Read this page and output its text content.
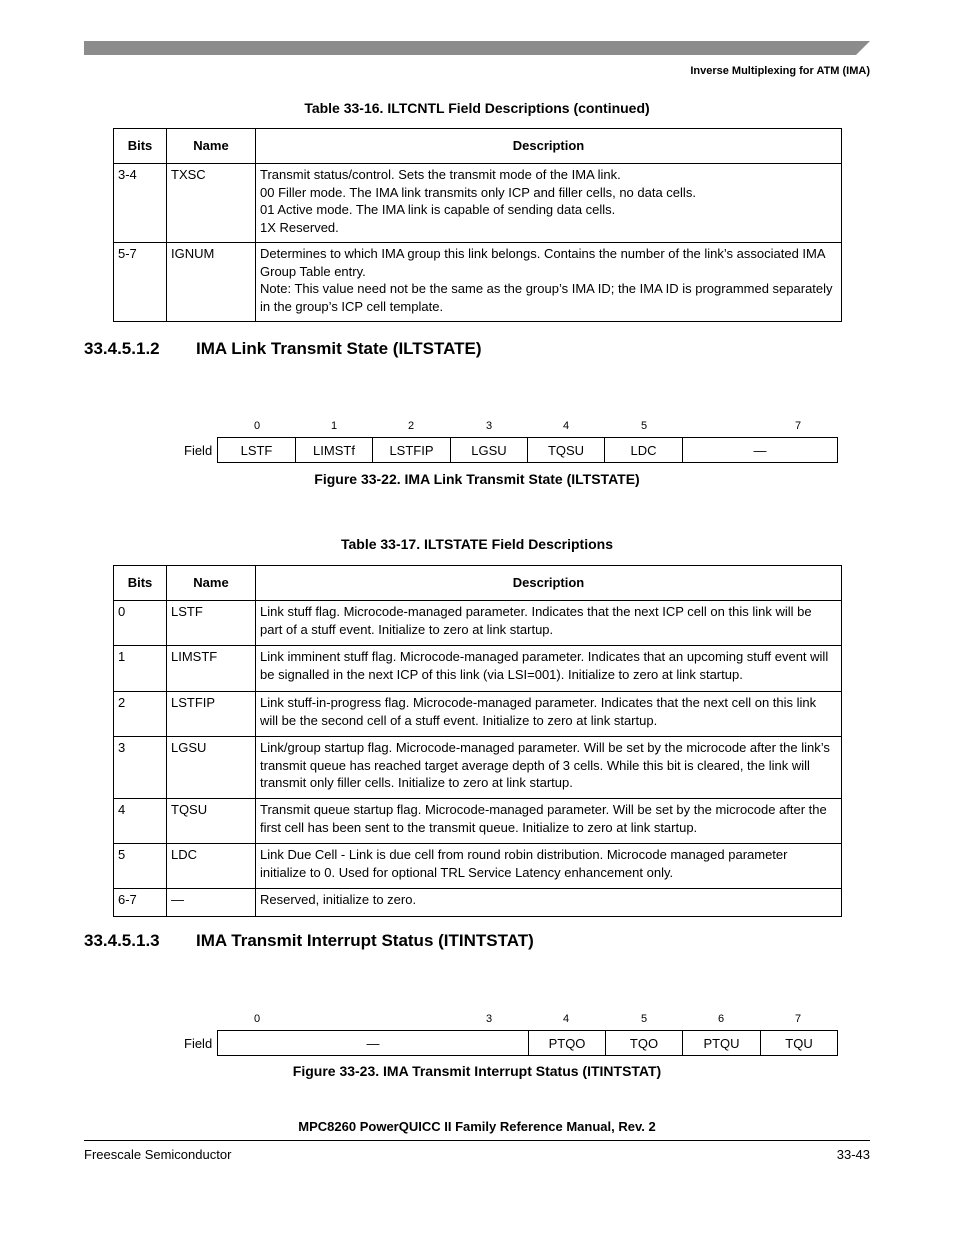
Inverse Multiplexing for ATM (IMA)
Table 33-16. ILTCNTL Field Descriptions (continued)
Bits	Name	Description
3-4	TXSC	Transmit status/control. Sets the transmit mode of the IMA link.
00 Filler mode. The IMA link transmits only ICP and filler cells, no data cells.
01 Active mode. The IMA link is capable of sending data cells.
1X Reserved.

5-7	IGNUM	Determines to which IMA group this link belongs. Contains the number of the link’s associated IMA Group Table entry.
Note: This value need not be the same as the group’s IMA ID; the IMA ID is programmed separately in the group’s ICP cell template.
33.4.5.1.2 IMA Link Transmit State (ILTSTATE)
0	1	2	3	4	5	7
Field	LSTF	LIMSTf	LSTFIP	LGSU	TQSU	LDC	—
Figure 33-22. IMA Link Transmit State (ILTSTATE)
Table 33-17. ILTSTATE Field Descriptions
Bits	Name	Description
0	LSTF	Link stuff flag. Microcode-managed parameter. Indicates that the next ICP cell on this link will be part of a stuff event. Initialize to zero at link startup.
1	LIMSTF	Link imminent stuff flag. Microcode-managed parameter. Indicates that an upcoming stuff event will be signalled in the next ICP of this link (via LSI=001). Initialize to zero at link startup.
2	LSTFIP	Link stuff-in-progress flag. Microcode-managed parameter. Indicates that the next cell on this link will be the second cell of a stuff event. Initialize to zero at link startup.
3	LGSU	Link/group startup flag. Microcode-managed parameter. Will be set by the microcode after the link’s transmit queue has reached target average depth of 3 cells. While this bit is cleared, the link will transmit only filler cells. Initialize to zero at link startup.
4	TQSU	Transmit queue startup flag. Microcode-managed parameter. Will be set by the microcode after the first cell has been sent to the transmit queue. Initialize to zero at link startup.
5	LDC	Link Due Cell - Link is due cell from round robin distribution. Microcode managed parameter initialize to 0. Used for optional TRL Service Latency enhancement only.
6-7	—	Reserved, initialize to zero.
33.4.5.1.3 IMA Transmit Interrupt Status (ITINTSTAT)
0	3	4	5	6	7
Field	—	PTQO	TQO	PTQU	TQU
Figure 33-23. IMA Transmit Interrupt Status (ITINTSTAT)
MPC8260 PowerQUICC II Family Reference Manual, Rev. 2
Freescale Semiconductor	33-43
